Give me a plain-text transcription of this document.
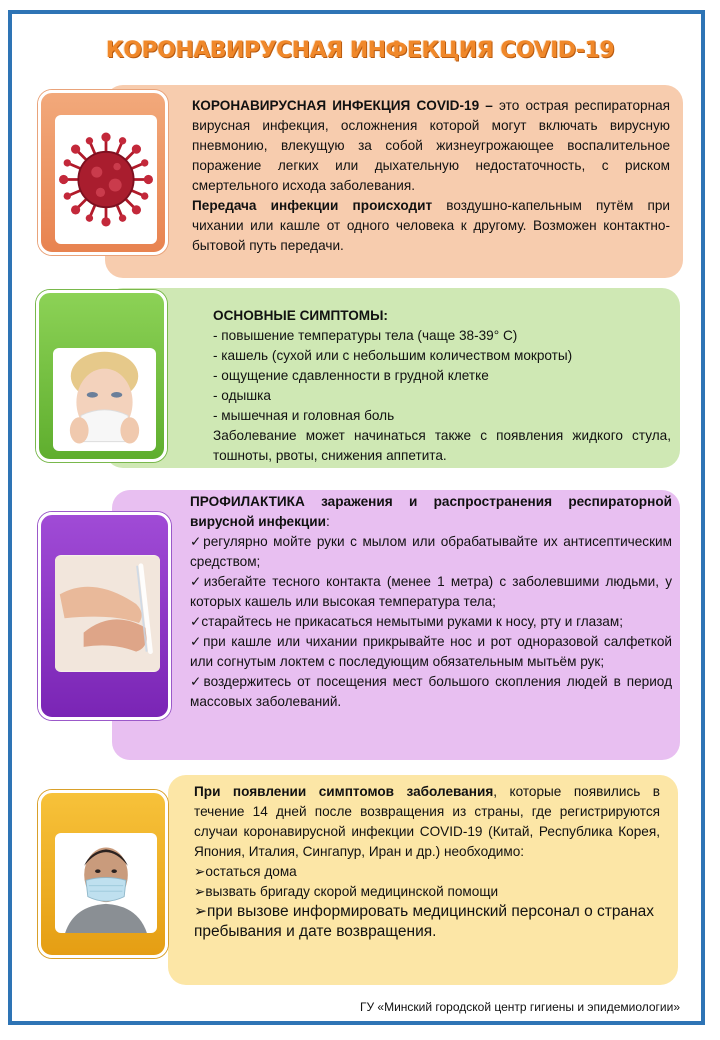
КОРОНАВИРУСНАЯ ИНФЕКЦИЯ COVID-19
КОРОНАВИРУСНАЯ ИНФЕКЦИЯ COVID-19 – это острая респираторная вирусная инфекция, осложнения которой могут включать вирусную пневмонию, влекущую за собой жизнеугрожающее воспалительное поражение легких или дыхательную недостаточность, с риском смертельного исхода заболевания.
Передача инфекции происходит воздушно-капельным путём при чихании или кашле от одного человека к другому. Возможен контактно-бытовой путь передачи.
ОСНОВНЫЕ СИМПТОМЫ:
- повышение температуры тела (чаще 38-39° С)
- кашель (сухой или с небольшим количеством мокроты)
- ощущение сдавленности в грудной клетке
- одышка
- мышечная и головная боль
Заболевание может начинаться также с появления жидкого стула, тошноты, рвоты, снижения аппетита.
ПРОФИЛАКТИКА заражения и распространения респираторной вирусной инфекции:
✓регулярно мойте руки с мылом или обрабатывайте их антисептическим средством;
✓избегайте тесного контакта (менее 1 метра) с заболевшими людьми, у которых кашель или высокая температура тела;
✓старайтесь не прикасаться немытыми руками к носу, рту и глазам;
✓при кашле или чихании прикрывайте нос и рот одноразовой салфеткой или согнутым локтем с последующим обязательным мытьём рук;
✓воздержитесь от посещения мест большого скопления людей в период массовых заболеваний.
При появлении симптомов заболевания, которые появились в течение 14 дней после возвращения из страны, где регистрируются случаи коронавирусной инфекции COVID-19 (Китай, Республика Корея, Япония, Италия, Сингапур, Иран и др.) необходимо:
➢остаться дома
➢вызвать бригаду скорой медицинской помощи
➢при вызове информировать медицинский персонал о странах пребывания и дате возвращения.
ГУ «Минский городской центр гигиены и эпидемиологии»
